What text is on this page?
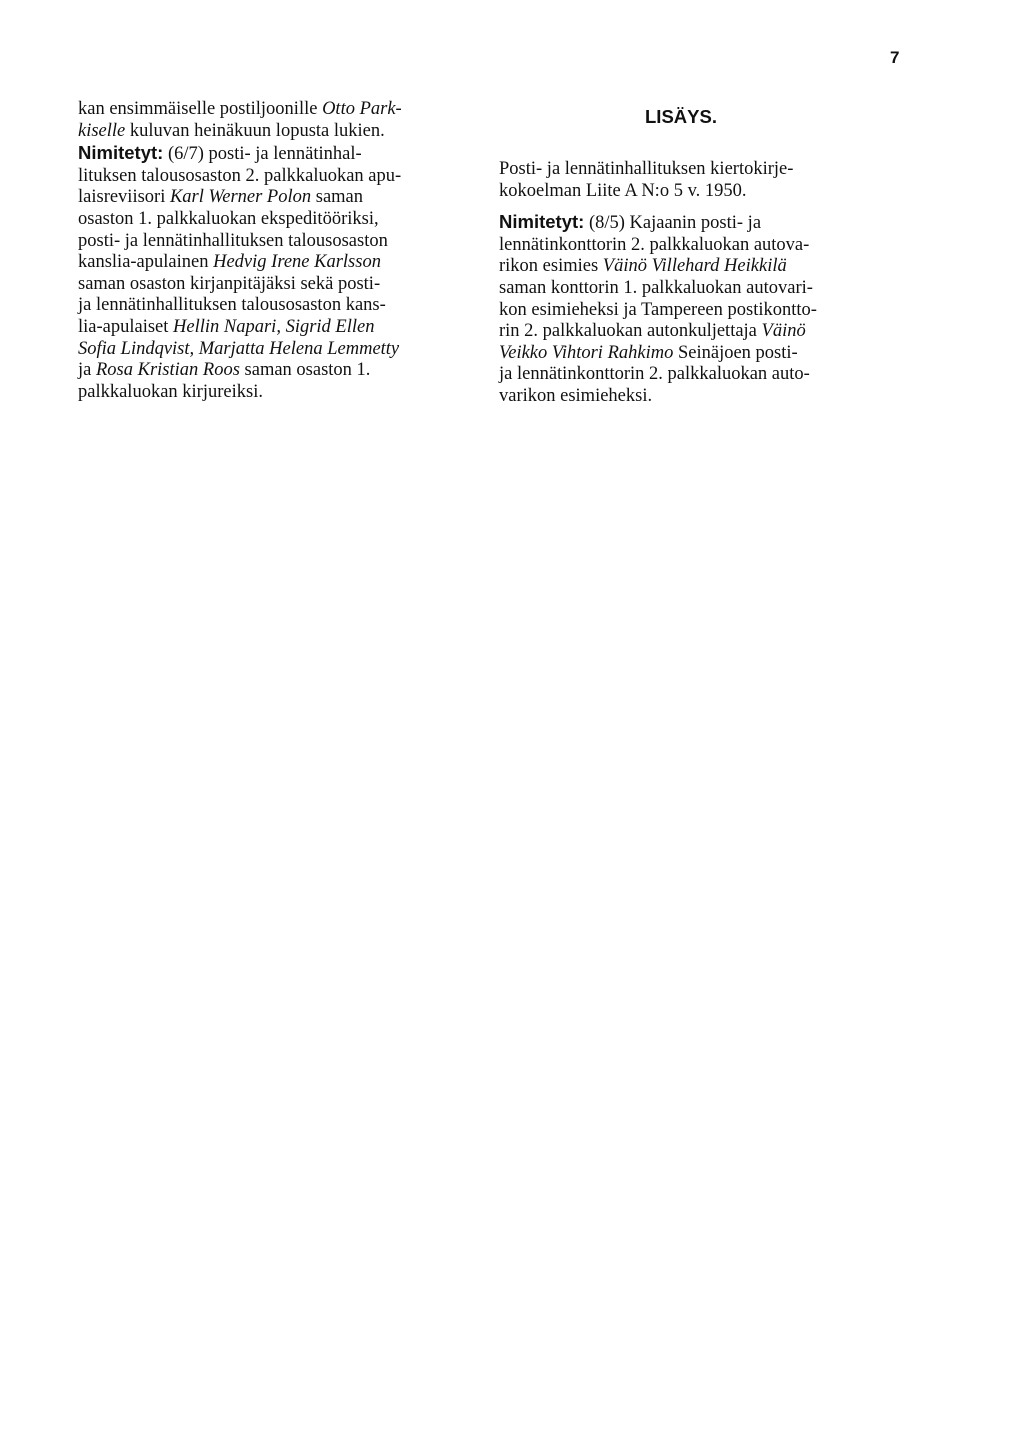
7
kan ensimmäiselle postiljoonille Otto Park-
kiselle kuluvan heinäkuun lopusta lukien.
Nimitetyt: (6/7) posti- ja lennätinhal-
lituksen talousosaston 2. palkkaluokan apu-
laisreviisori Karl Werner Polon saman
osaston 1. palkkaluokan ekspeditööriksi,
posti- ja lennätinhallituksen talousosaston
kanslia-apulainen Hedvig Irene Karlsson
saman osaston kirjanpitäjäksi sekä posti-
ja lennätinhallituksen talousosaston kans-
lia-apulaiset Hellin Napari, Sigrid Ellen
Sofia Lindqvist, Marjatta Helena Lemmetty
ja Rosa Kristian Roos saman osaston 1.
palkkaluokan kirjureiksi.
LISÄYS.
Posti- ja lennätinhallituksen kiertokirje-
kokoelman Liite A N:o 5 v. 1950.
Nimitetyt: (8/5) Kajaanin posti- ja
lennätinkonttorin 2. palkkaluokan autova-
rikon esimies Väinö Villehard Heikkilä
saman konttorin 1. palkkaluokan autovari-
kon esimieheksi ja Tampereen postikontto-
rin 2. palkkaluokan autonkuljettaja Väinö
Veikko Vihtori Rahkimo Seinäjoen posti-
ja lennätinkonttorin 2. palkkaluokan auto-
varikon esimieheksi.
